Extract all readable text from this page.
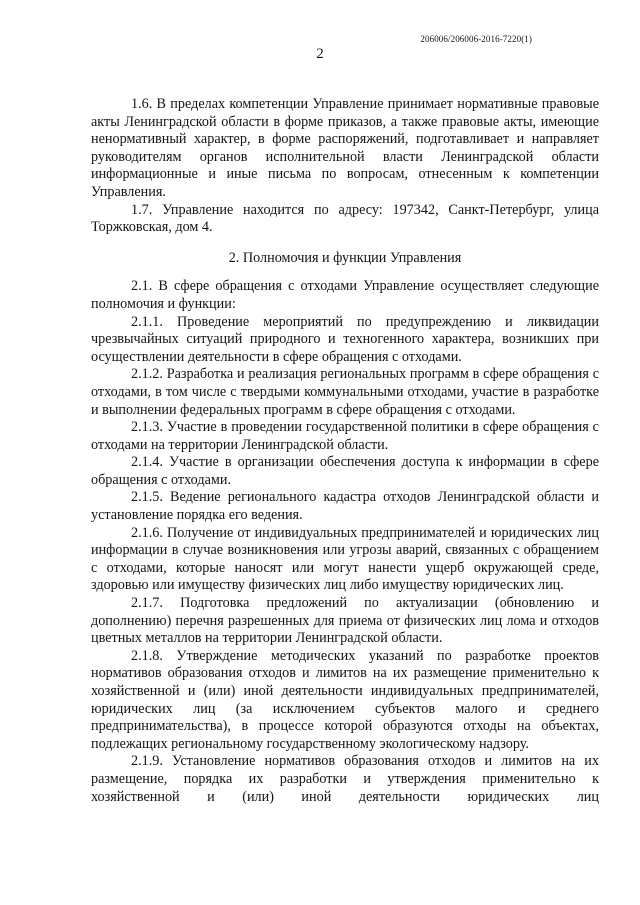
206006/206006-2016-7220(1)
2

1.6. В пределах компетенции Управление принимает нормативные правовые акты Ленинградской области в форме приказов, а также правовые акты, имеющие ненормативный характер, в форме распоряжений, подготавливает и направляет руководителям органов исполнительной власти Ленинградской области информационные и иные письма по вопросам, отнесенным к компетенции Управления.

1.7. Управление находится по адресу: 197342, Санкт-Петербург, улица Торжковская, дом 4.

2. Полномочия и функции Управления

2.1. В сфере обращения с отходами Управление осуществляет следующие полномочия и функции:

2.1.1. Проведение мероприятий по предупреждению и ликвидации чрезвычайных ситуаций природного и техногенного характера, возникших при осуществлении деятельности в сфере обращения с отходами.

2.1.2. Разработка и реализация региональных программ в сфере обращения с отходами, в том числе с твердыми коммунальными отходами, участие в разработке и выполнении федеральных программ в сфере обращения с отходами.

2.1.3. Участие в проведении государственной политики в сфере обращения с отходами на территории Ленинградской области.

2.1.4. Участие в организации обеспечения доступа к информации в сфере обращения с отходами.

2.1.5. Ведение регионального кадастра отходов Ленинградской области и установление порядка его ведения.

2.1.6. Получение от индивидуальных предпринимателей и юридических лиц информации в случае возникновения или угрозы аварий, связанных с обращением с отходами, которые наносят или могут нанести ущерб окружающей среде, здоровью или имуществу физических лиц либо имуществу юридических лиц.

2.1.7. Подготовка предложений по актуализации (обновлению и дополнению) перечня разрешенных для приема от физических лиц лома и отходов цветных металлов на территории Ленинградской области.

2.1.8. Утверждение методических указаний по разработке проектов нормативов образования отходов и лимитов на их размещение применительно к хозяйственной и (или) иной деятельности индивидуальных предпринимателей, юридических лиц (за исключением субъектов малого и среднего предпринимательства), в процессе которой образуются отходы на объектах, подлежащих региональному государственному экологическому надзору.

2.1.9. Установление нормативов образования отходов и лимитов на их размещение, порядка их разработки и утверждения применительно к хозяйственной и (или) иной деятельности юридических лиц
